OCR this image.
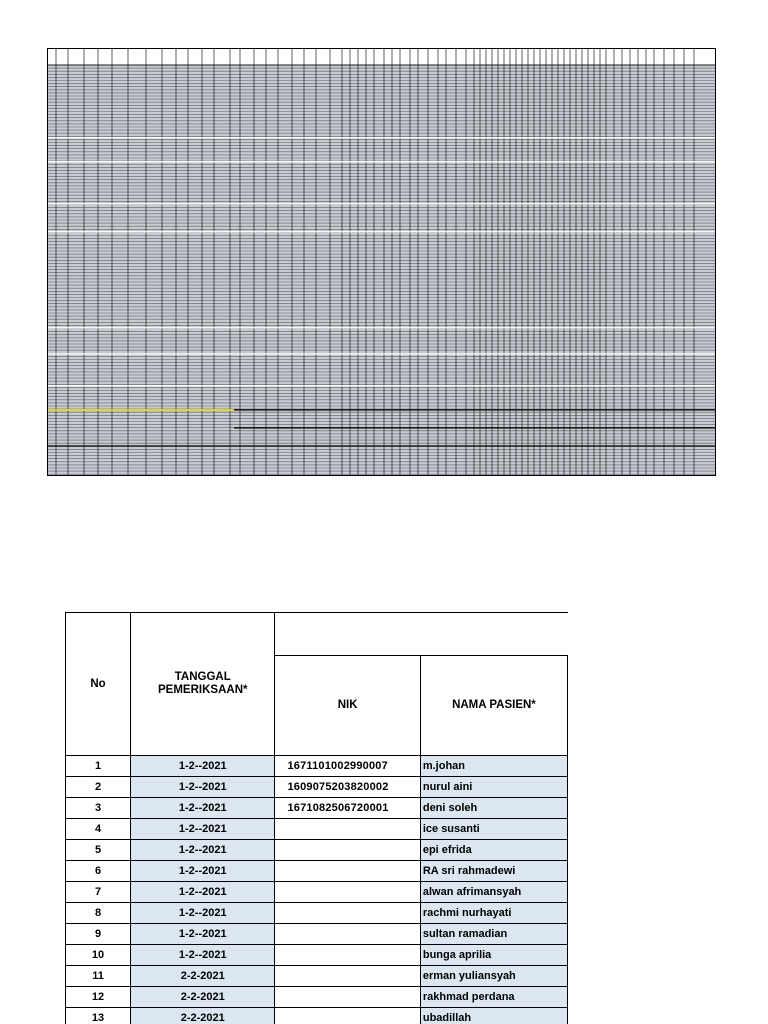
No	TANGGAL PEMERIKSAAN*		
		NIK	NAMA PASIEN*
1	1-2--2021	1671101002990007	m.johan
2	1-2--2021	1609075203820002	nurul aini
3	1-2--2021	1671082506720001	deni soleh
4	1-2--2021		ice susanti
5	1-2--2021		epi efrida
6	1-2--2021		RA sri rahmadewi
7	1-2--2021		alwan afrimansyah
8	1-2--2021		rachmi nurhayati
9	1-2--2021		sultan ramadian
10	1-2--2021		bunga aprilia
11	2-2-2021		erman yuliansyah
12	2-2-2021		rakhmad perdana
13	2-2-2021		ubadillah
